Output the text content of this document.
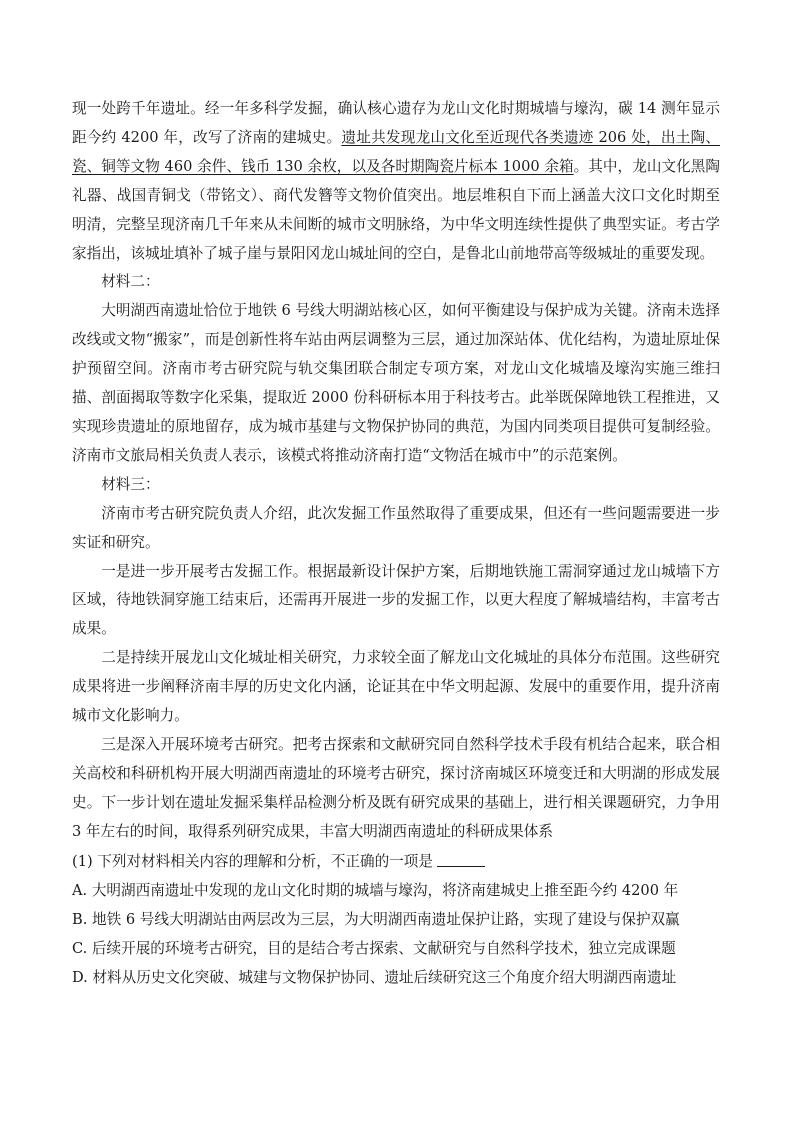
现一处跨千年遗址。经一年多科学发掘，确认核心遗存为龙山文化时期城墙与壕沟，碳 14 测年显示距今约 4200 年，改写了济南的建城史。遗址共发现龙山文化至近现代各类遗迹 206 处，出土陶、瓷、铜等文物 460 余件、钱币 130 余枚，以及各时期陶瓷片标本 1000 余箱。其中，龙山文化黑陶礼器、战国青铜戈（带铭文）、商代发簪等文物价值突出。地层堆积自下而上涵盖大汶口文化时期至明清，完整呈现济南几千年来从未间断的城市文明脉络，为中华文明连续性提供了典型实证。考古学家指出，该城址填补了城子崖与景阳冈龙山城址间的空白，是鲁北山前地带高等级城址的重要发现。

材料二：

大明湖西南遗址恰位于地铁 6 号线大明湖站核心区，如何平衡建设与保护成为关键。济南未选择改线或文物“搬家”，而是创新性将车站由两层调整为三层，通过加深站体、优化结构，为遗址原址保护预留空间。济南市考古研究院与轨交集团联合制定专项方案，对龙山文化城墙及壕沟实施三维扫描、剖面揭取等数字化采集，提取近 2000 份科研标本用于科技考古。此举既保障地铁工程推进，又实现珍贵遗址的原地留存，成为城市基建与文物保护协同的典范，为国内同类项目提供可复制经验。济南市文旅局相关负责人表示，该模式将推动济南打造“文物活在城市中”的示范案例。

材料三：

济南市考古研究院负责人介绍，此次发掘工作虽然取得了重要成果，但还有一些问题需要进一步实证和研究。

一是进一步开展考古发掘工作。根据最新设计保护方案，后期地铁施工需洞穿通过龙山城墙下方区域，待地铁洞穿施工结束后，还需再开展进一步的发掘工作，以更大程度了解城墙结构，丰富考古成果。

二是持续开展龙山文化城址相关研究，力求较全面了解龙山文化城址的具体分布范围。这些研究成果将进一步阐释济南丰厚的历史文化内涵，论证其在中华文明起源、发展中的重要作用，提升济南城市文化影响力。

三是深入开展环境考古研究。把考古探索和文献研究同自然科学技术手段有机结合起来，联合相关高校和科研机构开展大明湖西南遗址的环境考古研究，探讨济南城区环境变迁和大明湖的形成发展史。下一步计划在遗址发掘采集样品检测分析及既有研究成果的基础上，进行相关课题研究，力争用 3 年左右的时间，取得系列研究成果，丰富大明湖西南遗址的科研成果体系

(1) 下列对材料相关内容的理解和分析，不正确的一项是

A. 大明湖西南遗址中发现的龙山文化时期的城墙与壕沟，将济南建城史上推至距今约 4200 年

B. 地铁 6 号线大明湖站由两层改为三层，为大明湖西南遗址保护让路，实现了建设与保护双赢

C. 后续开展的环境考古研究，目的是结合考古探索、文献研究与自然科学技术，独立完成课题

D. 材料从历史文化突破、城建与文物保护协同、遗址后续研究这三个角度介绍大明湖西南遗址
